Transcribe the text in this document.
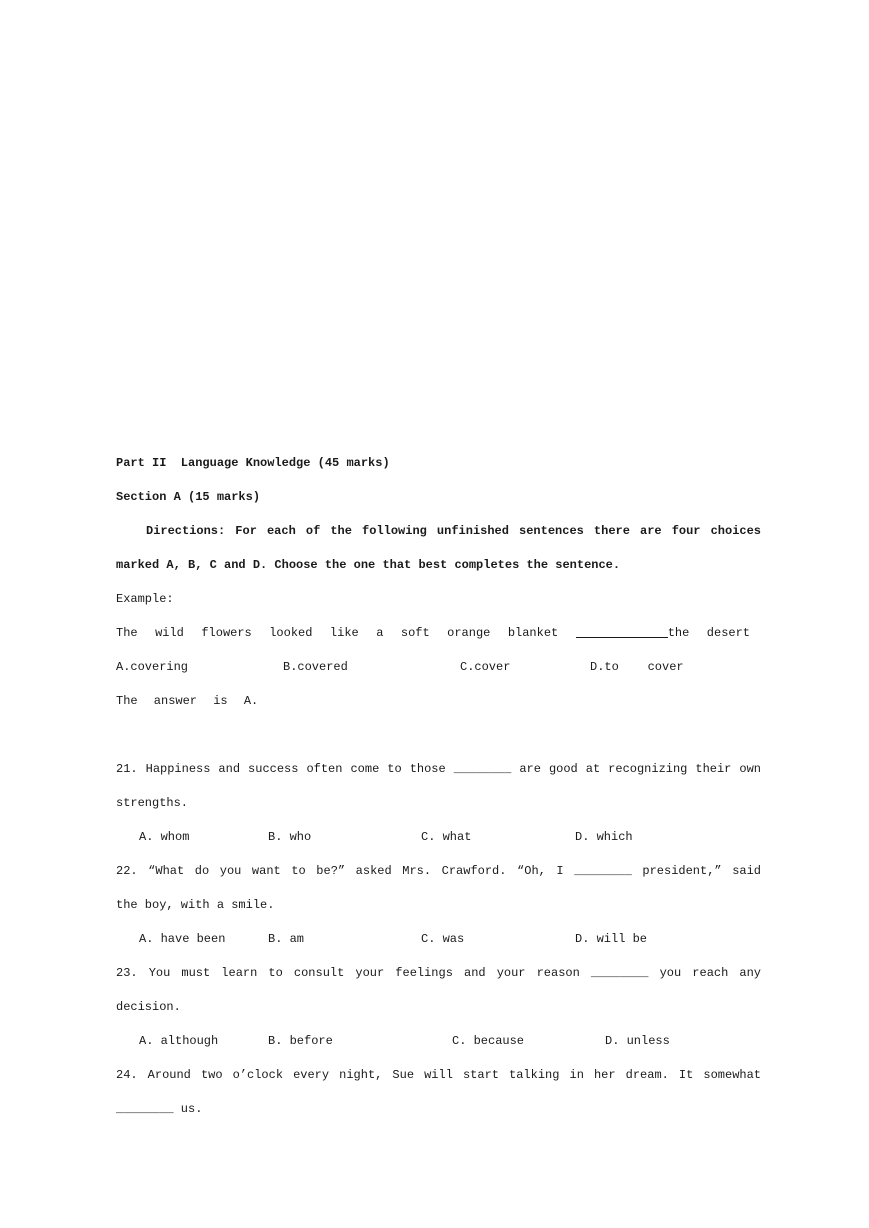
Part II  Language Knowledge (45 marks)
Section A (15 marks)
Directions: For each of the following unfinished sentences there are four choices
marked A, B, C and D. Choose the one that best completes the sentence.
Example:
The wild flowers looked like a soft orange blanket	the desert
A.covering	B.covered	C.cover	D.to    cover
The answer is A.
21. Happiness and success often come to those ________ are good at recognizing their own
strengths.
A. whom	B. who	C. what	D. which
22. “What do you want to be?” asked Mrs. Crawford. “Oh, I ________ president,” said
the boy, with a smile.
A. have been	B. am	C. was	D. will be
23. You must learn to consult your feelings and your reason ________ you reach any
decision.
A. although	B. before	C. because	D. unless
24. Around two o’clock every night, Sue will start talking in her dream. It somewhat
________ us.
